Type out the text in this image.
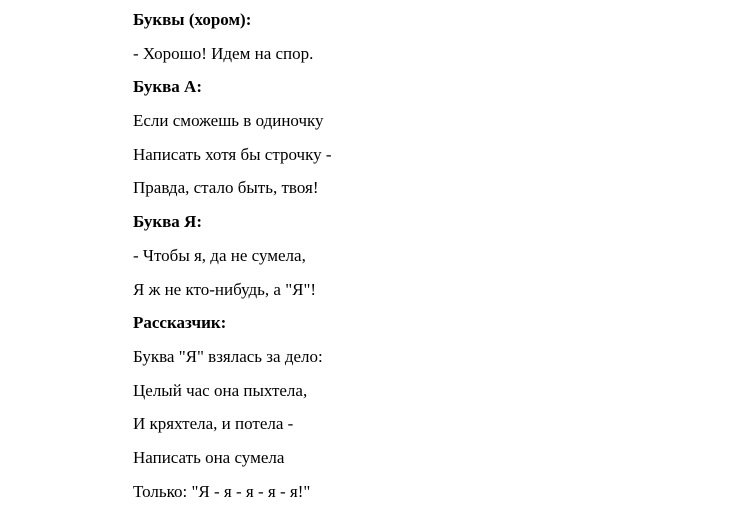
Буквы (хором):
- Хорошо! Идем на спор.
Буква А:
Если сможешь в одиночку
Написать хотя бы строчку -
Правда, стало быть, твоя!
Буква Я:
- Чтобы я, да не сумела,
Я ж не кто-нибудь, а "Я"!
Рассказчик:
Буква "Я" взялась за дело:
Целый час она пыхтела,
И кряхтела, и потела -
Написать она сумела
Только: "Я - я - я - я - я!"
